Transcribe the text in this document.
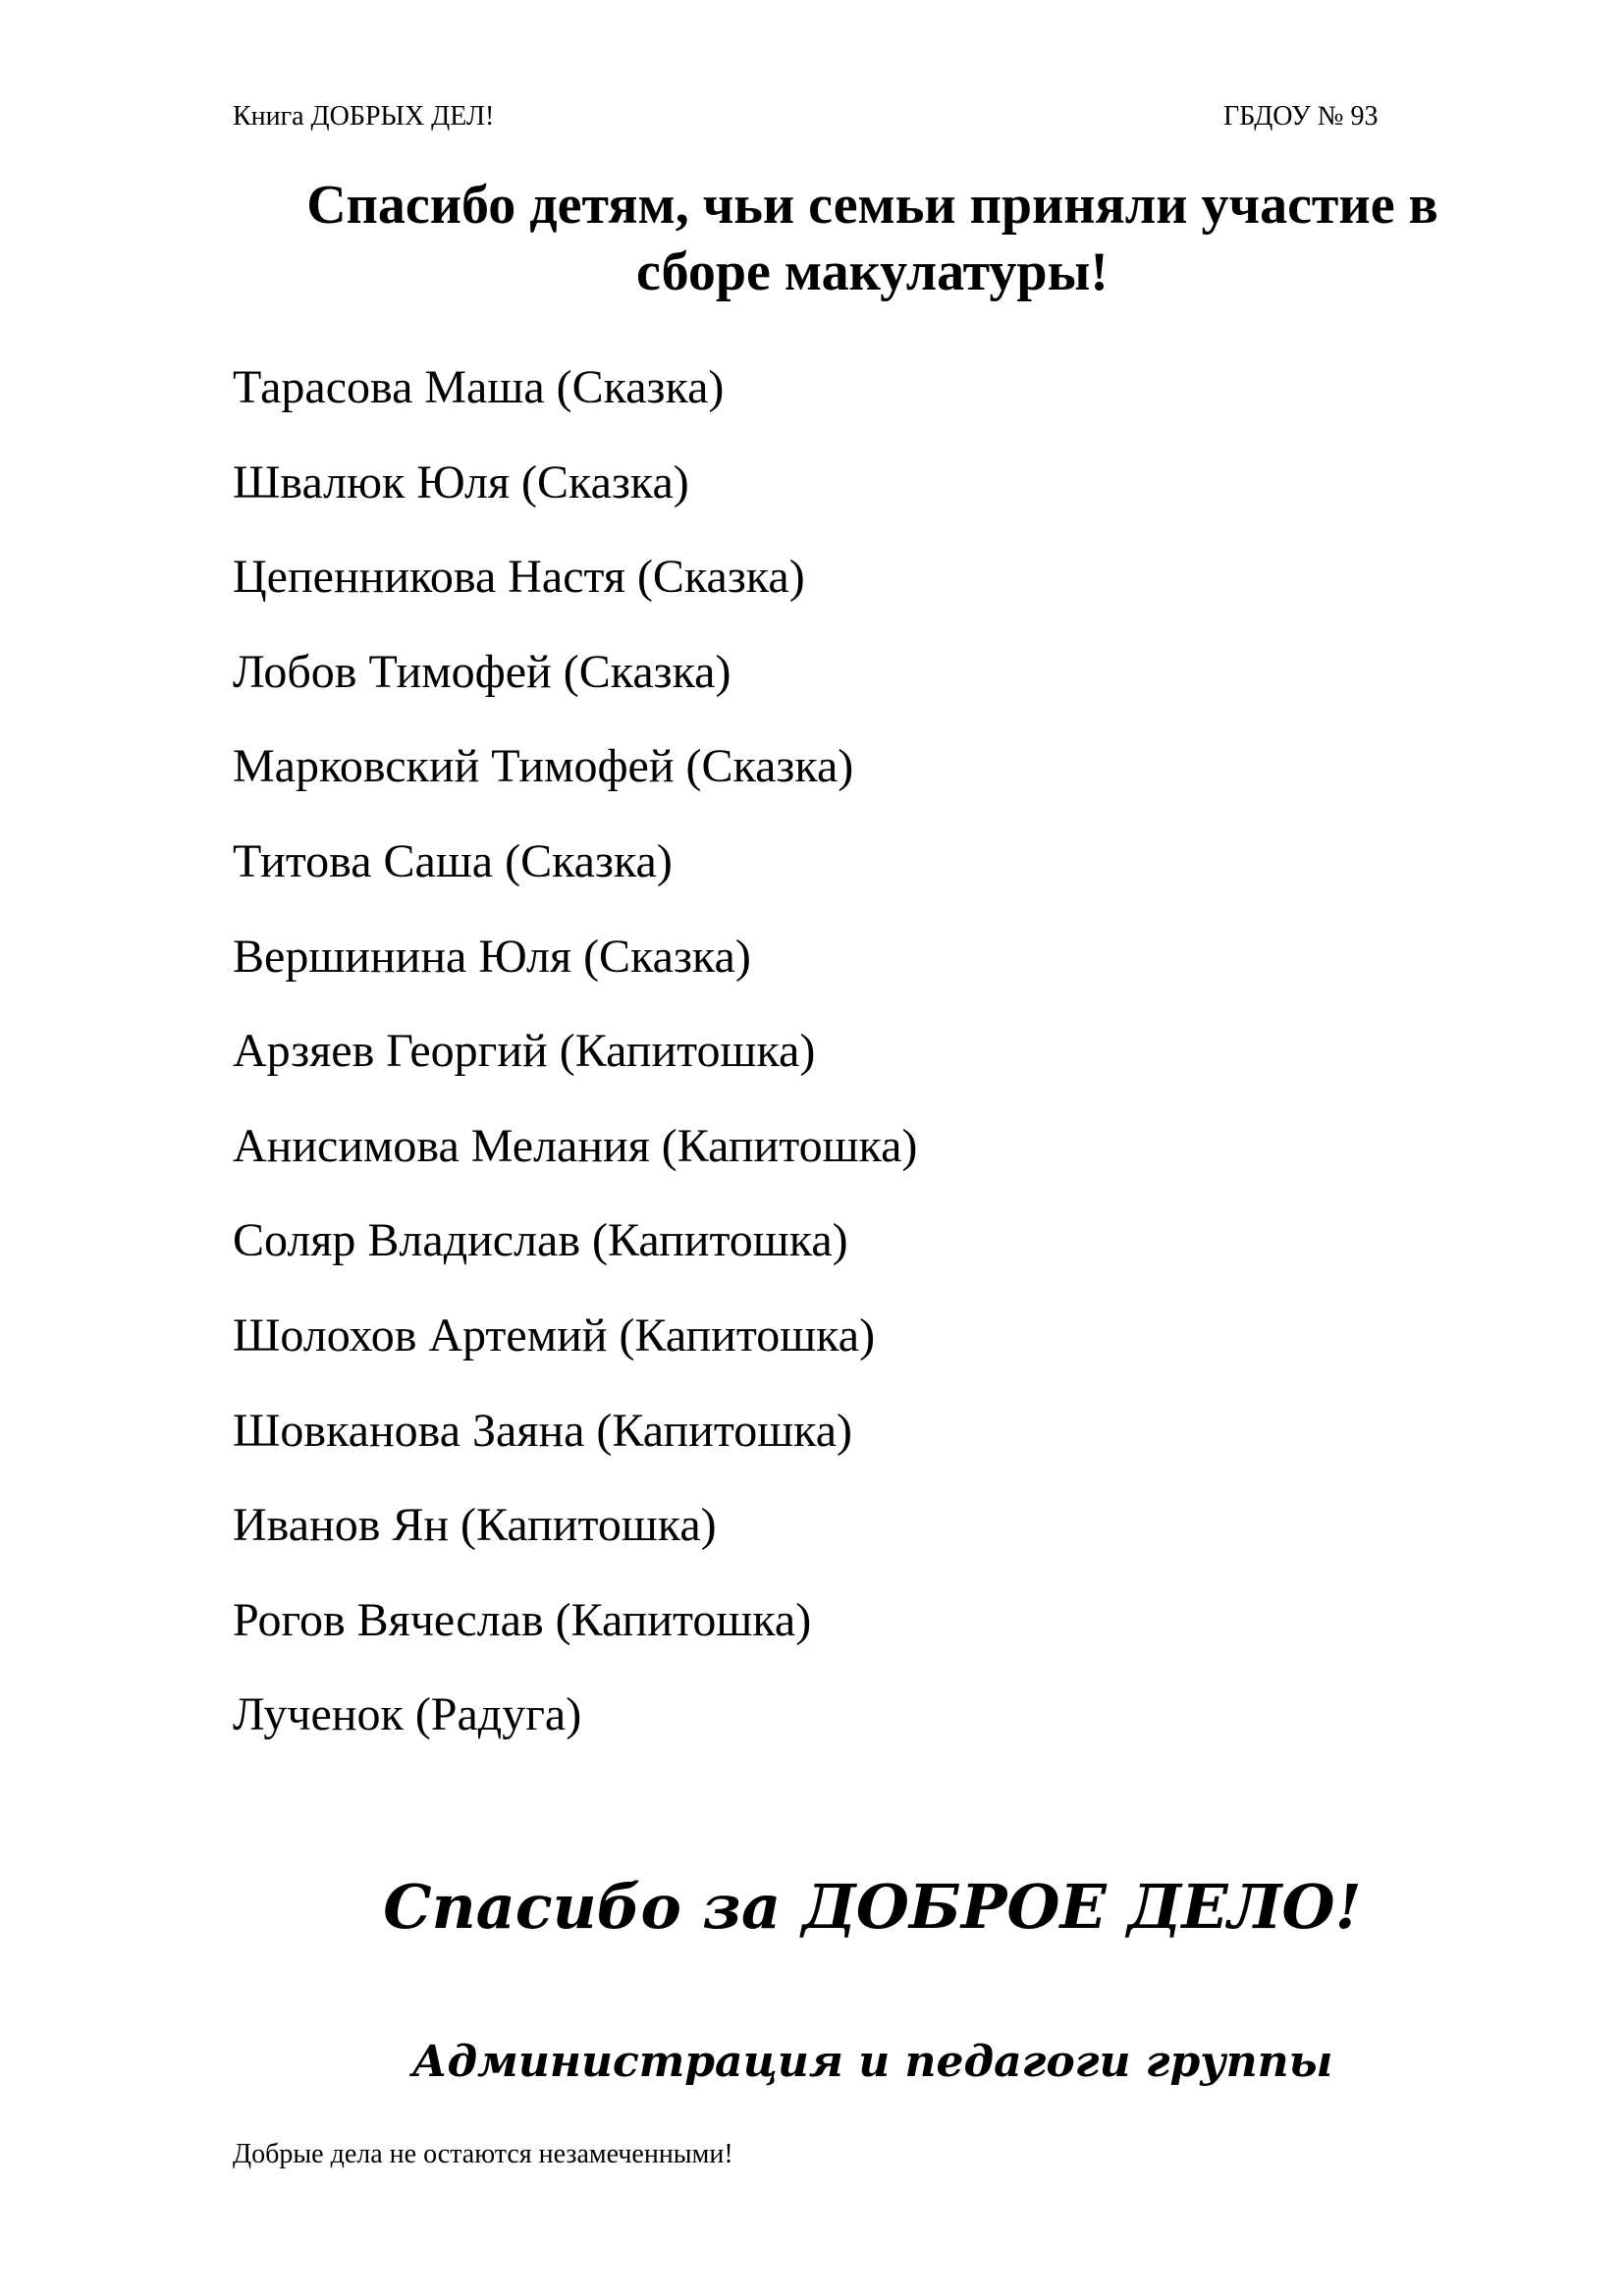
Книга ДОБРЫХ ДЕЛ!	ГБДОУ № 93
Спасибо детям, чьи семьи приняли участие в
сборе макулатуры!
Тарасова Маша (Сказка)
Швалюк Юля (Сказка)
Цепенникова Настя (Сказка)
Лобов Тимофей (Сказка)
Марковский Тимофей (Сказка)
Титова Саша (Сказка)
Вершинина Юля (Сказка)
Арзяев Георгий (Капитошка)
Анисимова Мелания (Капитошка)
Соляр Владислав (Капитошка)
Шолохов Артемий (Капитошка)
Шовканова Заяна (Капитошка)
Иванов Ян (Капитошка)
Рогов Вячеслав (Капитошка)
Лученок (Радуга)
Спасибо за ДОБРОЕ ДЕЛО!
Администрация и педагоги группы
Добрые дела не остаются незамеченными!
